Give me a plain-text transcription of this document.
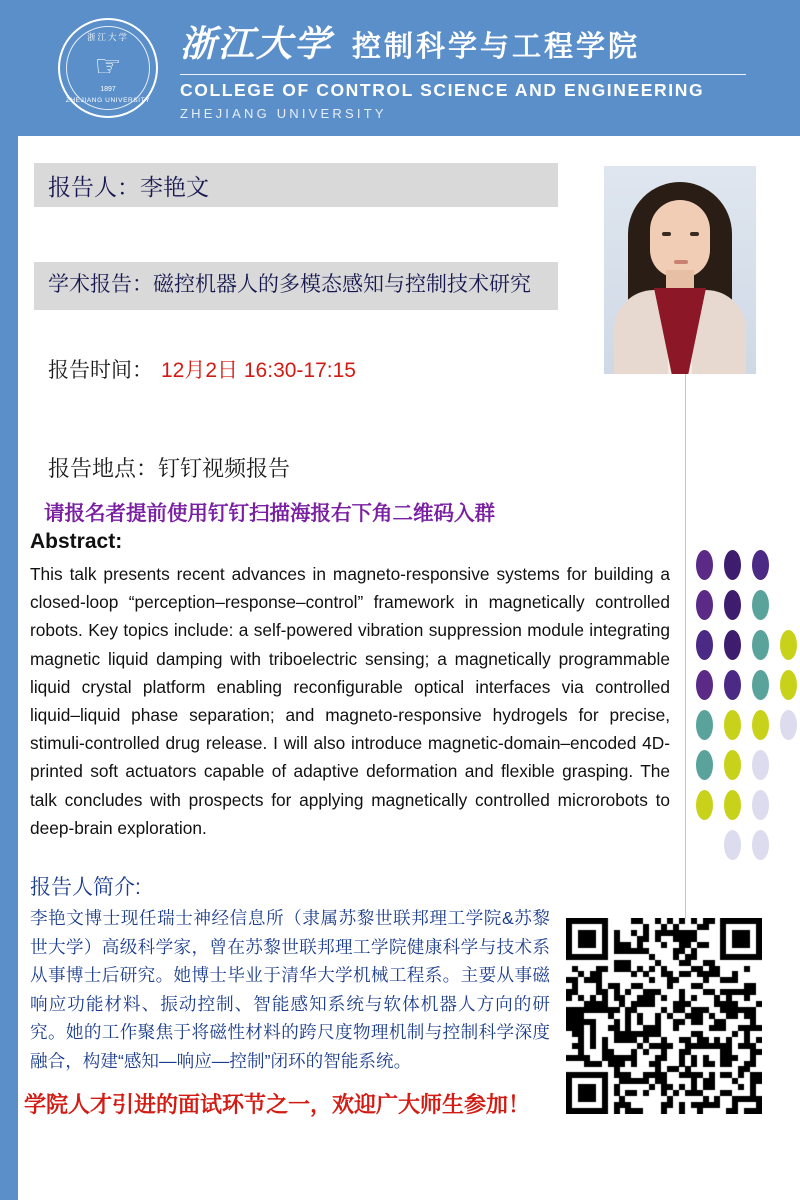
浙江大学
☞
1897
ZHEJIANG UNIVERSITY
浙江大学 控制科学与工程学院
COLLEGE OF CONTROL SCIENCE AND ENGINEERING
ZHEJIANG UNIVERSITY
报告人：李艳文
学术报告：磁控机器人的多模态感知与控制技术研究
报告时间： 12月2日 16:30-17:15
报告地点：钉钉视频报告
请报名者提前使用钉钉扫描海报右下角二维码入群
Abstract:
This talk presents recent advances in magneto-responsive systems for building a closed-loop “perception–response–control” framework in magnetically controlled robots. Key topics include: a self-powered vibration suppression module integrating magnetic liquid damping with triboelectric sensing; a magnetically programmable liquid crystal platform enabling reconfigurable optical interfaces via controlled liquid–liquid phase separation; and magneto-responsive hydrogels for precise, stimuli-controlled drug release. I will also introduce magnetic-domain–encoded 4D-printed soft actuators capable of adaptive deformation and flexible grasping. The talk concludes with prospects for applying magnetically controlled microrobots to deep-brain exploration.
报告人简介:
李艳文博士现任瑞士神经信息所（隶属苏黎世联邦理工学院&苏黎世大学）高级科学家，曾在苏黎世联邦理工学院健康科学与技术系从事博士后研究。她博士毕业于清华大学机械工程系。主要从事磁响应功能材料、振动控制、智能感知系统与软体机器人方向的研究。她的工作聚焦于将磁性材料的跨尺度物理机制与控制科学深度融合，构建“感知—响应—控制”闭环的智能系统。
学院人才引进的面试环节之一，欢迎广大师生参加！
